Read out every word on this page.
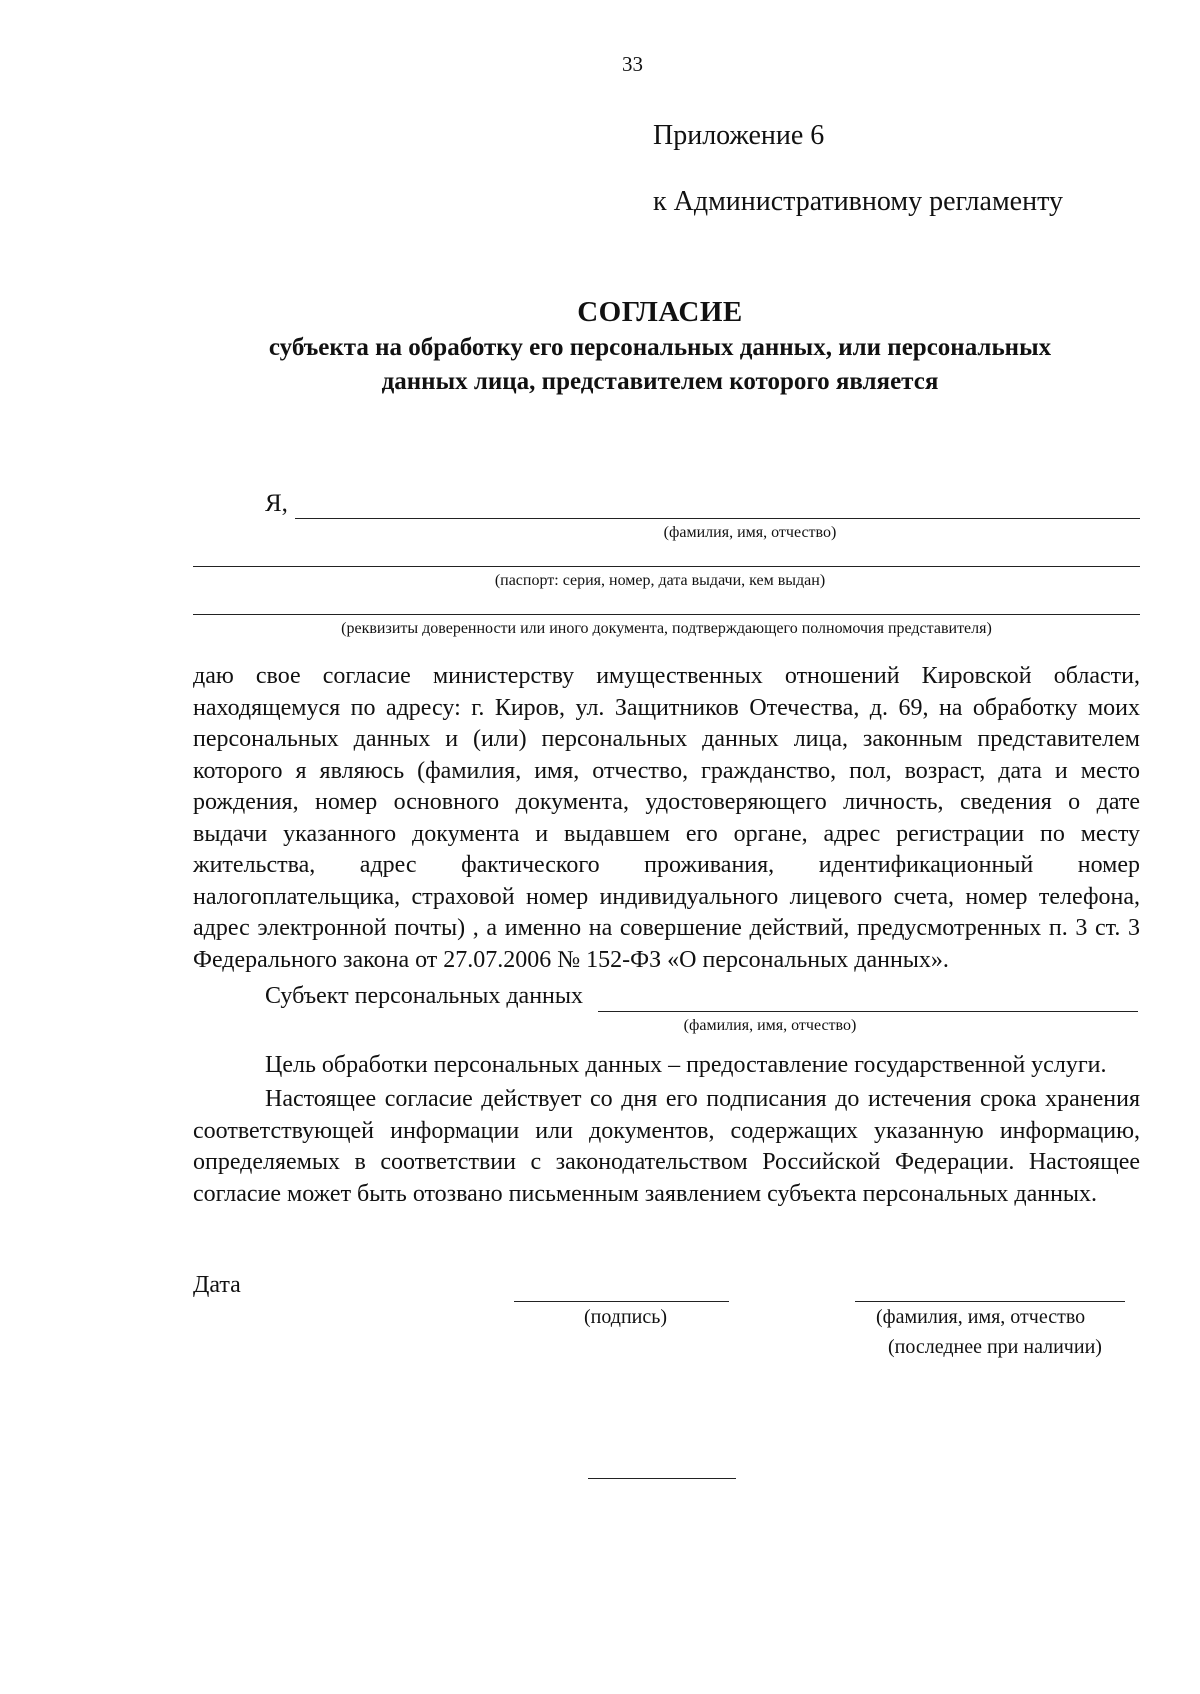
33
Приложение 6
к Административному регламенту
СОГЛАСИЕ
субъекта на обработку его персональных данных, или персональных
данных лица, представителем которого является
Я,
(фамилия, имя, отчество)
(паспорт: серия, номер, дата выдачи, кем выдан)
(реквизиты доверенности или иного документа, подтверждающего полномочия представителя)
даю свое согласие министерству имущественных отношений Кировской области,
находящемуся по адресу: г. Киров, ул. Защитников Отечества, д. 69, на обработку моих
персональных данных и (или) персональных данных лица, законным представителем
которого я являюсь (фамилия, имя, отчество, гражданство, пол, возраст, дата и место
рождения, номер основного документа, удостоверяющего личность, сведения о дате
выдачи указанного документа и выдавшем его органе, адрес регистрации по месту
жительства, адрес фактического проживания, идентификационный номер
налогоплательщика, страховой номер индивидуального лицевого счета, номер телефона,
адрес электронной почты) , а именно на совершение действий, предусмотренных п. 3 ст. 3
Федерального закона от 27.07.2006 № 152-ФЗ «О персональных данных».
Субъект персональных данных
(фамилия, имя, отчество)
Цель обработки персональных данных – предоставление государственной услуги.
Настоящее согласие действует со дня его подписания до истечения срока хранения
соответствующей информации или документов, содержащих указанную информацию,
определяемых в соответствии с законодательством Российской Федерации. Настоящее
согласие может быть отозвано письменным заявлением субъекта персональных данных.
Дата
(подпись)	(фамилия, имя, отчество
(последнее при наличии)
